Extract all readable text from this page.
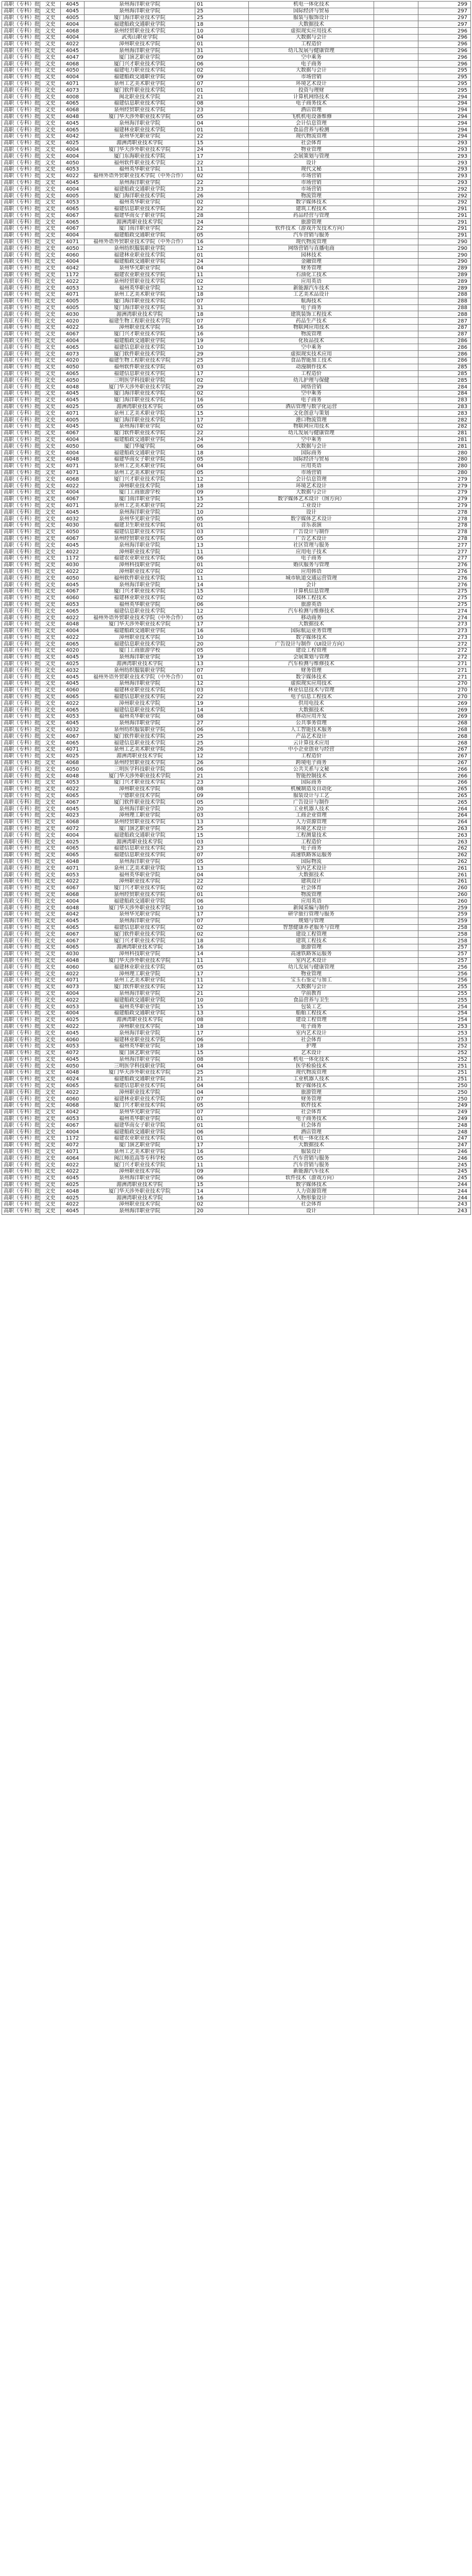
高职（专科）批	文史	4045	泉州海洋职业学院	01	机电一体化技术		299
高职（专科）批	文史	4045	泉州海洋职业学院	25	国际经济与贸易		297
高职（专科）批	文史	4005	厦门海洋职业技术学院	25	服装与服饰设计		297
高职（专科）批	文史	4004	福建船政交通职业学院	18	大数据技术		297
高职（专科）批	文史	4068	泉州经贸职业技术学院	10	虚拟现实应用技术		296
高职（专科）批	文史	4004	武夷山职业学院	04	大数据与会计		296
高职（专科）批	文史	4022	漳州职业技术学院	01	工程造价		296
高职（专科）批	文史	4045	泉州海洋职业学院	31	幼儿发展与健康管理		296
高职（专科）批	文史	4047	厦门演艺职业学院	09	空中乘务		296
高职（专科）批	文史	4068	厦门兴才职业技术学院	06	电子商务		296
高职（专科）批	文史	4050	福建电力职业技术学院	02	大数据与会计		295
高职（专科）批	文史	4004	福建船政交通职业学院	09	市场营销		295
高职（专科）批	文史	4071	泉州工艺美术职业学院	07	环境艺术设计		295
高职（专科）批	文史	4073	厦门软件职业技术学院	01	投资与理财		295
高职（专科）批	文史	4008	闽北职业技术学院	21	计算机网络技术		294
高职（专科）批	文史	4065	福建信息职业技术学院	08	电子商务技术		294
高职（专科）批	文史	4068	泉州经贸职业技术学院	23	酒店管理		294
高职（专科）批	文史	4048	厦门华天涉外职业技术学院	05	飞机机电设备维修		294
高职（专科）批	文史	4045	泉州海洋职业学院	04	会计信息管理		294
高职（专科）批	文史	4065	福建林业职业技术学院	01	食品营养与检测		294
高职（专科）批	文史	4042	泉州华光职业学院	22	现代物流管理		294
高职（专科）批	文史	4025	湄洲湾职业技术学院	15	社会体育		293
高职（专科）批	文史	4004	厦门华天涉外职业技术学院	24	物业管理		293
高职（专科）批	文史	4004	厦门东海职业技术学院	17	会展策划与管理		293
高职（专科）批	文史	4050	福州软件职业技术学院	22	设计		293
高职（专科）批	文史	4053	福州英华职业学院	11	现代文秘		293
高职（专科）批	文史	4022	福州外语外贸职业技术学院（中外合作）	02	市场营销		293
高职（专科）批	文史	4045	泉州海洋职业学院	22	市场营销		293
高职（专科）批	文史	4004	福建船政交通职业学院	23	市场营销		292
高职（专科）批	文史	4005	厦门海洋职业技术学院	26	物流管理		292
高职（专科）批	文史	4053	福州英华职业学院	02	数字媒体技术		292
高职（专科）批	文史	4065	福建信息职业技术学院	22	建筑工程技术		291
高职（专科）批	文史	4067	福建华南女子职业学院	28	药品经营与管理		291
高职（专科）批	文史	4065	湄洲湾职业技术学院	24	旅游管理		291
高职（专科）批	文史	4067	厦门南洋职业学院	22	软件技术（游戏开发技术方向）		291
高职（专科）批	文史	4004	福建船政交通职业学院	05	汽车营销与服务		291
高职（专科）批	文史	4071	福州外语外贸职业技术学院（中外合作）	16	现代物流管理		290
高职（专科）批	文史	4050	泉州纺织服装职业学院	12	网络营销与直播电商		290
高职（专科）批	文史	4060	福建林业职业技术学院	01	园林技术		290
高职（专科）批	文史	4004	福建船政交通职业学院	24	金融管理		290
高职（专科）批	文史	4042	泉州华光职业学院	04	财务管理		289
高职（专科）批	文史	1172	福建农业职业技术学院	11	石油化工技术		289
高职（专科）批	文史	4022	泉州经贸职业技术学院	02	应用英语		289
高职（专科）批	文史	4053	福州英华职业学院	12	新能源汽车技术		289
高职（专科）批	文史	4071	泉州工艺美术职业学院	18	工艺美术品设计		288
高职（专科）批	文史	4005	厦门海洋职业技术学院	07	航海技术		288
高职（专科）批	文史	4005	厦门海洋职业技术学院	31	电子商务		288
高职（专科）批	文史	4030	湄洲湾职业技术学院	18	建筑装饰工程技术		288
高职（专科）批	文史	4020	福建生物工程职业技术学院	07	药品生产技术		287
高职（专科）批	文史	4022	漳州职业技术学院	16	物联网应用技术		287
高职（专科）批	文史	4067	厦门兴才职业技术学院	16	物流管理		287
高职（专科）批	文史	4004	福建船政交通职业学院	19	化妆品技术		286
高职（专科）批	文史	4065	福建信息职业技术学院	10	空中乘务		286
高职（专科）批	文史	4073	厦门软件职业技术学院	29	虚拟现实技术应用		286
高职（专科）批	文史	4020	福建生物工程职业技术学院	25	食品智能加工技术		286
高职（专科）批	文史	4050	福州软件职业技术学院	03	动漫制作技术		285
高职（专科）批	文史	4065	福建信息职业技术学院	17	工程造价		285
高职（专科）批	文史	4050	三明医学科技职业学院	02	幼儿护理与保健		285
高职（专科）批	文史	4048	厦门华天涉外职业技术学院	29	网络营销		284
高职（专科）批	文史	4045	厦门海洋职业技术学院	02	空中乘务		284
高职（专科）批	文史	4045	厦门海洋职业技术学院	16	电子商务		283
高职（专科）批	文史	4025	湄洲湾职业技术学院	05	酒店管理与数字化运营		283
高职（专科）批	文史	4071	泉州工艺美术职业学院	15	文化创意与策划		283
高职（专科）批	文史	4005	厦门海洋职业技术学院	17	港口物流管理		282
高职（专科）批	文史	4045	泉州海洋职业学院	02	物联网应用技术		282
高职（专科）批	文史	4067	厦门软件职业技术学院	22	幼儿发展与健康管理		281
高职（专科）批	文史	4004	福建船政交通职业学院	24	空中乘务		281
高职（专科）批	文史	4050	厦门华厦学院	06	大数据与会计		281
高职（专科）批	文史	4004	福建船政交通职业学院	18	国际商务		280
高职（专科）批	文史	4048	福建华南女子职业学院	05	国际经济与贸易		280
高职（专科）批	文史	4071	泉州工艺美术职业学院	04	应用英语		280
高职（专科）批	文史	4071	泉州工艺美术职业学院	05	市场营销		280
高职（专科）批	文史	4068	厦门兴才职业技术学院	12	会计信息管理		279
高职（专科）批	文史	4022	漳州职业技术学院	18	环境艺术设计		279
高职（专科）批	文史	4004	厦门工商旅游学校	09	大数据与会计		279
高职（专科）批	文史	4067	厦门南洋职业学院	15	数字媒体艺术设计（图方向）		279
高职（专科）批	文史	4071	泉州工艺美术职业学院	22	工业设计		279
高职（专科）批	文史	4045	泉州海洋职业学院	10	设计		278
高职（专科）批	文史	4032	泉州华光职业学院	05	数字媒体艺术设计		278
高职（专科）批	文史	4030	福建卫生职业技术学院	01	音乐表演		278
高职（专科）批	文史	4050	福建信息职业技术学院	03	广告设计与制作		278
高职（专科）批	文史	4067	泉州经贸职业技术学院	05	广告艺术设计		278
高职（专科）批	文史	4045	泉州海洋职业学院	13	社区管理与服务		277
高职（专科）批	文史	4022	漳州职业技术学院	11	应用电子技术		277
高职（专科）批	文史	1172	福建农业职业技术学院	06	电子商务		277
高职（专科）批	文史	4030	漳州科技职业学院	01	婚庆服务与管理		276
高职（专科）批	文史	4022	漳州职业技术学院	02	应用韩语		276
高职（专科）批	文史	4050	福州软件职业技术学院	11	城市轨道交通运营管理		276
高职（专科）批	文史	4045	泉州海洋职业学院	14	会计		276
高职（专科）批	文史	4067	厦门兴才职业技术学院	15	计算机信息管理		275
高职（专科）批	文史	4060	福建林业职业技术学院	02	园林工程技术		275
高职（专科）批	文史	4053	福州英华职业学院	06	旅游英语		275
高职（专科）批	文史	4065	福建信息职业技术学院	12	汽车检测与维修技术		274
高职（专科）批	文史	4022	福州外语外贸职业技术学院（中外合作）	05	移动商务		274
高职（专科）批	文史	4048	厦门华天涉外职业技术学院	17	大数据技术		273
高职（专科）批	文史	4004	福建船政交通职业学院	16	国际航运业务管理		273
高职（专科）批	文史	4022	漳州职业技术学院	10	数字媒体技术		273
高职（专科）批	文史	4065	福建信息职业技术学院	20	广告设计与制作（UI设计方向）		272
高职（专科）批	文史	4020	厦门工商旅游学校	05	建设工程管理		272
高职（专科）批	文史	4045	泉州海洋职业学院	19	会展策划与管理		272
高职（专科）批	文史	4025	湄洲湾职业技术学院	13	汽车检测与维修技术		271
高职（专科）批	文史	4032	泉州纺织服装职业学院	07	财务管理		271
高职（专科）批	文史	4045	福州外语外贸职业技术学院（中外合作）	01	数字媒体技术		271
高职（专科）批	文史	4045	泉州海洋职业学院	12	虚拟现实应用技术		270
高职（专科）批	文史	4060	福建林业职业技术学院	03	林业信息技术与管理		270
高职（专科）批	文史	4065	福建信息职业技术学院	22	电子信息工程技术		270
高职（专科）批	文史	4022	漳州职业技术学院	19	供用电技术		269
高职（专科）批	文史	4065	福建信息职业技术学院	14	大数据技术		269
高职（专科）批	文史	4053	福州英华职业学院	08	移动应用开发		269
高职（专科）批	文史	4045	泉州海洋职业学院	27	公共事务管理		268
高职（专科）批	文史	4032	泉州纺织服装职业学院	06	人工智能技术服务		268
高职（专科）批	文史	4067	厦门软件职业技术学院	25	产品艺术设计		268
高职（专科）批	文史	4065	福建信息职业技术学院	25	云计算技术应用		268
高职（专科）批	文史	4071	泉州工艺美术职业学院	26	中小企业创业与经营		267
高职（专科）批	文史	4025	湄洲湾职业技术学院	12	工程造价		267
高职（专科）批	文史	4068	泉州经贸职业技术学院	26	跨境电子商务		267
高职（专科）批	文史	4050	三明医学科技职业学院	06	公共关系与文秘		266
高职（专科）批	文史	4048	厦门华天涉外职业技术学院	21	智能控制技术		266
高职（专科）批	文史	4053	厦门兴才职业技术学院	23	国际商务		266
高职（专科）批	文史	4022	漳州职业技术学院	08	机械制造及自动化		265
高职（专科）批	文史	4065	宁德职业技术学院	09	服装设计与工艺		265
高职（专科）批	文史	4067	厦门软件职业技术学院	05	广告设计与制作		265
高职（专科）批	文史	4045	泉州海洋职业学院	20	工业机器人技术		264
高职（专科）批	文史	4023	漳州理工职业学院	03	工商企业管理		264
高职（专科）批	文史	4068	泉州经贸职业技术学院	13	人力资源管理		264
高职（专科）批	文史	4072	厦门演艺职业学院	25	环境艺术设计		263
高职（专科）批	文史	4004	福建船政交通职业学院	15	工程测量技术		263
高职（专科）批	文史	4025	湄洲湾职业技术学院	03	工程造价		263
高职（专科）批	文史	4065	福建信息职业技术学院	23	电子商务		262
高职（专科）批	文史	4065	福建信息职业技术学院	07	高速铁路客运服务		262
高职（专科）批	文史	4048	泉州海洋职业学院	05	国际物流		262
高职（专科）批	文史	4071	泉州工艺美术职业学院	13	室内艺术设计		261
高职（专科）批	文史	4053	福州英华职业学院	04	大数据技术		261
高职（专科）批	文史	4022	漳州职业技术学院	22	建筑设计		261
高职（专科）批	文史	4067	厦门兴才职业技术学院	02	社会体育		260
高职（专科）批	文史	4068	泉州经贸职业技术学院	01	物流管理		260
高职（专科）批	文史	4004	福建船政交通职业学院	06	应用英语		260
高职（专科）批	文史	4048	厦门华天涉外职业技术学院	10	新闻采编与制作		259
高职（专科）批	文史	4042	泉州华光职业学院	17	研学旅行管理与服务		259
高职（专科）批	文史	4045	泉州海洋职业学院	07	规划与管理		259
高职（专科）批	文史	4065	福建信息职业技术学院	02	智慧健康养老服务与管理		258
高职（专科）批	文史	4067	厦门软件职业技术学院	02	建设工程管理		258
高职（专科）批	文史	4067	厦门兴才职业技术学院	18	建筑工程技术		258
高职（专科）批	文史	4065	湄洲湾职业技术学院	16	旅游管理		257
高职（专科）批	文史	4030	漳州科技职业学院	14	高速铁路客运服务		257
高职（专科）批	文史	4048	厦门华天涉外职业技术学院	11	室内艺术设计		257
高职（专科）批	文史	4060	福建林业职业技术学院	05	幼儿发展与健康管理		256
高职（专科）批	文史	4022	漳州理工职业学院	17	物业管理		256
高职（专科）批	文史	4071	泉州工艺美术职业学院	11	宝玉石鉴定与加工		256
高职（专科）批	文史	4073	厦门软件职业技术学院	12	大数据与会计		255
高职（专科）批	文史	4004	泉州海洋职业学院	21	学前教育		255
高职（专科）批	文史	4022	福建船政交通职业学院	10	食品营养与卫生		255
高职（专科）批	文史	4053	福州英华职业学院	15	包装工艺		254
高职（专科）批	文史	4004	福建船政交通职业学院	13	船舶工程技术		254
高职（专科）批	文史	4025	湄洲湾职业技术学院	08	建设工程管理		254
高职（专科）批	文史	4022	漳州职业技术学院	18	电子商务		253
高职（专科）批	文史	4045	泉州海洋职业学院	17	室内艺术设计		253
高职（专科）批	文史	4060	福建林业职业技术学院	06	社会体育		253
高职（专科）批	文史	4053	福州英华职业学院	18	护理		252
高职（专科）批	文史	4072	厦门演艺职业学院	15	艺术设计		252
高职（专科）批	文史	4045	泉州海洋职业学院	08	机电一体化技术		252
高职（专科）批	文史	4050	三明医学科技职业学院	04	医学检验技术		251
高职（专科）批	文史	4048	厦门华天涉外职业技术学院	25	现代物流管理		251
高职（专科）批	文史	4024	福建船政交通职业学院	21	工业机器人技术		251
高职（专科）批	文史	4065	福建信息职业技术学院	04	数字媒体技术		250
高职（专科）批	文史	4022	漳州职业技术学院	04	旅游管理		250
高职（专科）批	文史	4060	福建林业职业技术学院	07	财务管理		250
高职（专科）批	文史	4068	厦门兴才职业技术学院	05	软件技术		249
高职（专科）批	文史	4042	泉州华光职业学院	07	社会体育		249
高职（专科）批	文史	4053	福州英华职业学院	01	电子商务技术		249
高职（专科）批	文史	4067	福建华南女子职业学院	01	社会体育		248
高职（专科）批	文史	4004	福建船政交通职业学院	06	酒店管理		248
高职（专科）批	文史	1172	福建农业职业技术学院	01	机电一体化技术		247
高职（专科）批	文史	4072	厦门演艺职业学院	17	大数据技术		247
高职（专科）批	文史	4071	泉州工艺美术职业学院	16	服装设计		246
高职（专科）批	文史	4064	闽江师范高等专科学校	05	汽车营销与服务		246
高职（专科）批	文史	4022	厦门兴才职业技术学院	11	汽车营销与服务		245
高职（专科）批	文史	4022	漳州职业技术学院	09	新能源汽车技术		245
高职（专科）批	文史	4045	泉州海洋职业学院	06	软件技术（游戏方向）		245
高职（专科）批	文史	4025	湄洲湾职业技术学院	15	数字媒体技术		244
高职（专科）批	文史	4048	厦门华天涉外职业技术学院	14	人力资源管理		244
高职（专科）批	文史	4025	湄洲湾职业技术学院	16	人物形象设计		244
高职（专科）批	文史	4022	漳州职业技术学院	02	社会体育		243
高职（专科）批	文史	4045	泉州海洋职业学院	20	设计		243
